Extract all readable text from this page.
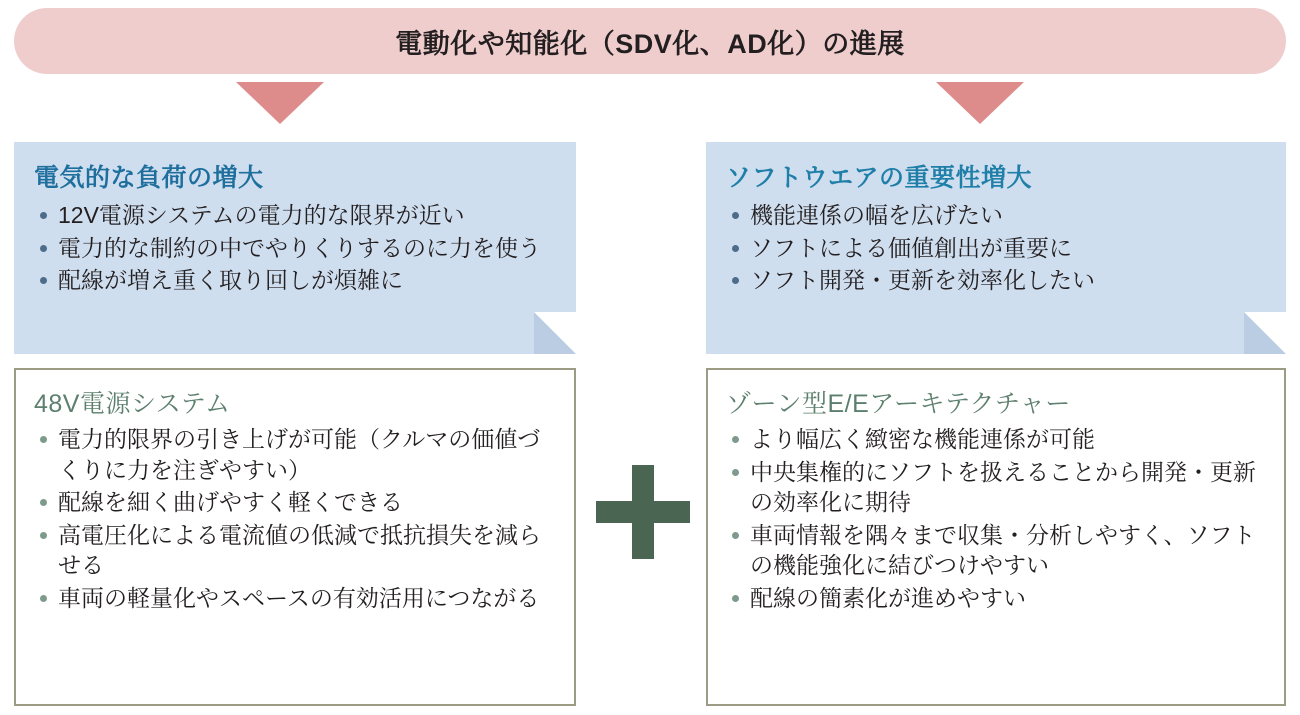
電動化や知能化（SDV化、AD化）の進展
電気的な負荷の増大
12V電源システムの電力的な限界が近い
電力的な制約の中でやりくりするのに力を使う
配線が増え重く取り回しが煩雑に
ソフトウエアの重要性増大
機能連係の幅を広げたい
ソフトによる価値創出が重要に
ソフト開発・更新を効率化したい
48V電源システム
電力的限界の引き上げが可能（クルマの価値づくりに力を注ぎやすい）
配線を細く曲げやすく軽くできる
高電圧化による電流値の低減で抵抗損失を減らせる
車両の軽量化やスペースの有効活用につながる
ゾーン型E/Eアーキテクチャー
より幅広く緻密な機能連係が可能
中央集権的にソフトを扱えることから開発・更新の効率化に期待
車両情報を隅々まで収集・分析しやすく、ソフトの機能強化に結びつけやすい
配線の簡素化が進めやすい
